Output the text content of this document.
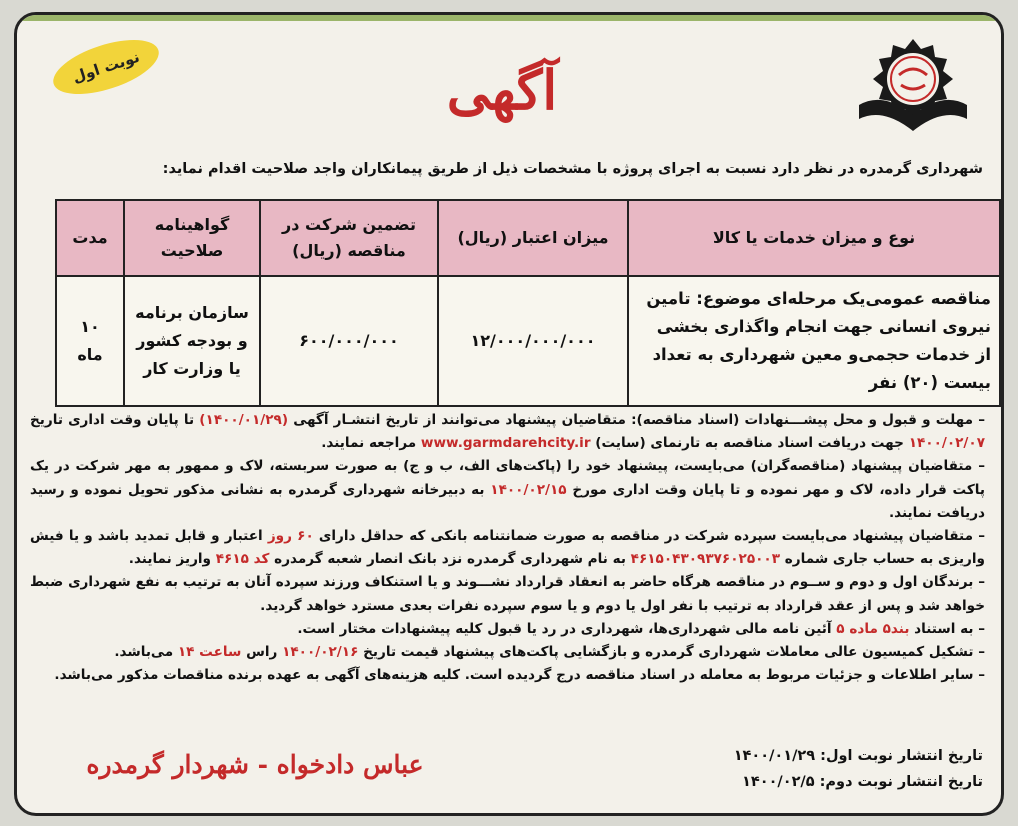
نوبت اول	آگهی
شهرداری گرمدره در نظر دارد نسبت به اجرای پروژه با مشخصات ذیل از طریق پیمانکاران واجد صلاحیت اقدام نماید:
نوع و میزان خدمات یا کالا	میزان اعتبار (ریال)	تضمین شرکت در مناقصه (ریال)	گواهینامه صلاحیت	مدت
مناقصه عمومی‌یک مرحله‌ای موضوع: تامین نیروی انسانی جهت انجام واگذاری بخشی از خدمات حجمی‌و معین شهرداری به تعداد بیست (۲۰) نفر	۱۲/۰۰۰/۰۰۰/۰۰۰	۶۰۰/۰۰۰/۰۰۰	سازمان برنامه و بودجه کشور یا وزارت کار	۱۰ ماه

– مهلت و قبول و محل پیشـــنهادات (اسناد مناقصه): متقاضیان پیشنهاد می‌توانند از تاریخ انتشـار آگهی (۱۴۰۰/۰۱/۲۹) تا پایان وقت اداری تاریخ ۱۴۰۰/۰۲/۰۷ جهت دریافت اسناد مناقصه به تارنمای (سایت) www.garmdarehcity.ir مراجعه نمایند.

– متقاضیان پیشنهاد (مناقصه‌گران) می‌بایست، پیشنهاد خود را (پاکت‌های الف، ب و ج) به صورت سربسته، لاک و ممهور به مهر شرکت در یک پاکت قرار داده، لاک و مهر نموده و تا پایان وقت اداری مورخ ۱۴۰۰/۰۲/۱۵ به دبیرخانه شهرداری گرمدره به نشانی مذکور تحویل نموده و رسید دریافت نمایند.

– متقاضیان پیشنهاد می‌بایست سپرده شرکت در مناقصه به صورت ضمانتنامه بانکی که حداقل دارای ۶۰ روز اعتبار و قابل تمدید باشد و یا فیش واریزی به حساب جاری شماره ۴۶۱۵۰۴۳۰۹۳۷۶۰۲۵۰۰۳ به نام شهرداری گرمدره نزد بانک انصار شعبه گرمدره کد ۴۶۱۵ واریز نمایند.

– برندگان اول و دوم و ســوم در مناقصه هرگاه حاضر به انعقاد قرارداد نشـــوند و یا استنکاف ورزند سپرده آنان به ترتیب به نفع شهرداری ضبط خواهد شد و پس از عقد قرارداد به ترتیب با نفر اول یا دوم و یا سوم سپرده نفرات بعدی مسترد خواهد گردید.

– به استناد بند۵ ماده ۵ آئین نامه مالی شهرداری‌ها، شهرداری در رد یا قبول کلیه پیشنهادات مختار است.

– تشکیل کمیسیون عالی معاملات شهرداری گرمدره و بازگشایی پاکت‌های پیشنهاد قیمت تاریخ ۱۴۰۰/۰۲/۱۶ راس ساعت ۱۴ می‌باشد.

– سایر اطلاعات و جزئیات مربوط به معامله در اسناد مناقصه درج گردیده است. کلیه هزینه‌های آگهی به عهده برنده مناقصات مذکور می‌باشد.

تاریخ انتشار نوبت اول: ۱۴۰۰/۰۱/۲۹
تاریخ انتشار نوبت دوم: ۱۴۰۰/۰۲/۵
عباس دادخواه - شهردار گرمدره
